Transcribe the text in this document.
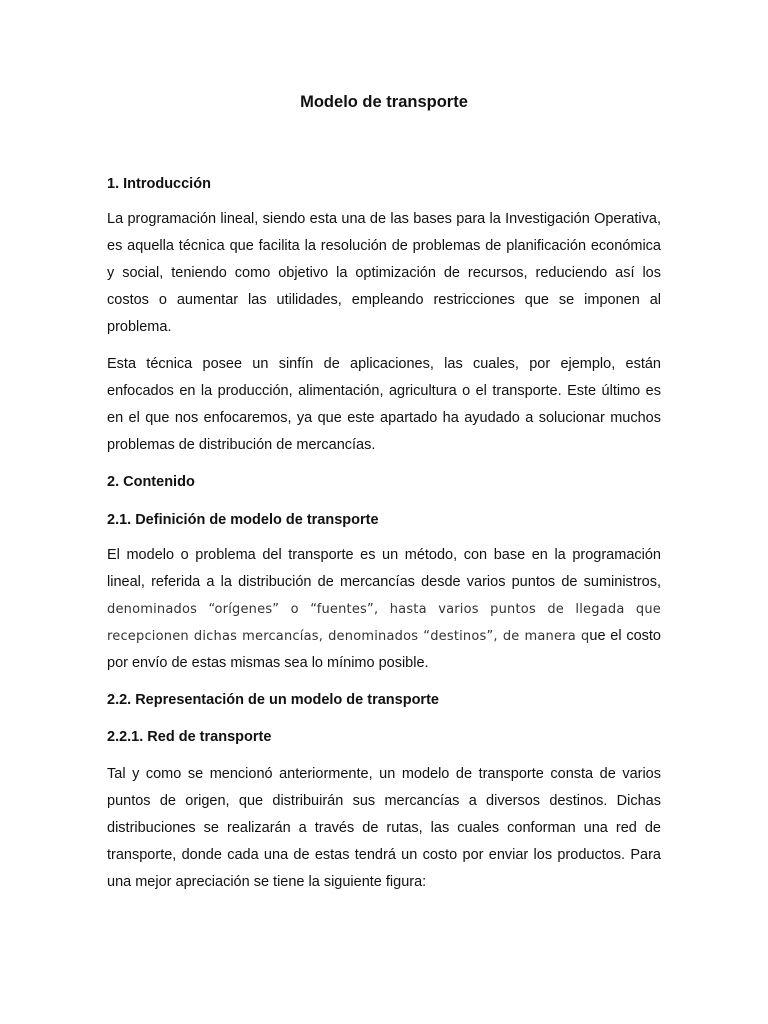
Modelo de transporte
1. Introducción

La programación lineal, siendo esta una de las bases para la Investigación Operativa, es aquella técnica que facilita la resolución de problemas de planificación económica y social, teniendo como objetivo la optimización de recursos, reduciendo así los costos o aumentar las utilidades, empleando restricciones que se imponen al problema.

Esta técnica posee un sinfín de aplicaciones, las cuales, por ejemplo, están enfocados en la producción, alimentación, agricultura o el transporte. Este último es en el que nos enfocaremos, ya que este apartado ha ayudado a solucionar muchos problemas de distribución de mercancías.

2. Contenido
2.1. Definición de modelo de transporte

El modelo o problema del transporte es un método, con base en la programación lineal, referida a la distribución de mercancías desde varios puntos de suministros, denominados “orígenes” o “fuentes”, hasta varios puntos de llegada que recepcionen dichas mercancías, denominados “destinos”, de manera que el costo por envío de estas mismas sea lo mínimo posible.

2.2. Representación de un modelo de transporte
2.2.1. Red de transporte

Tal y como se mencionó anteriormente, un modelo de transporte consta de varios puntos de origen, que distribuirán sus mercancías a diversos destinos. Dichas distribuciones se realizarán a través de rutas, las cuales conforman una red de transporte, donde cada una de estas tendrá un costo por enviar los productos. Para una mejor apreciación se tiene la siguiente figura:
